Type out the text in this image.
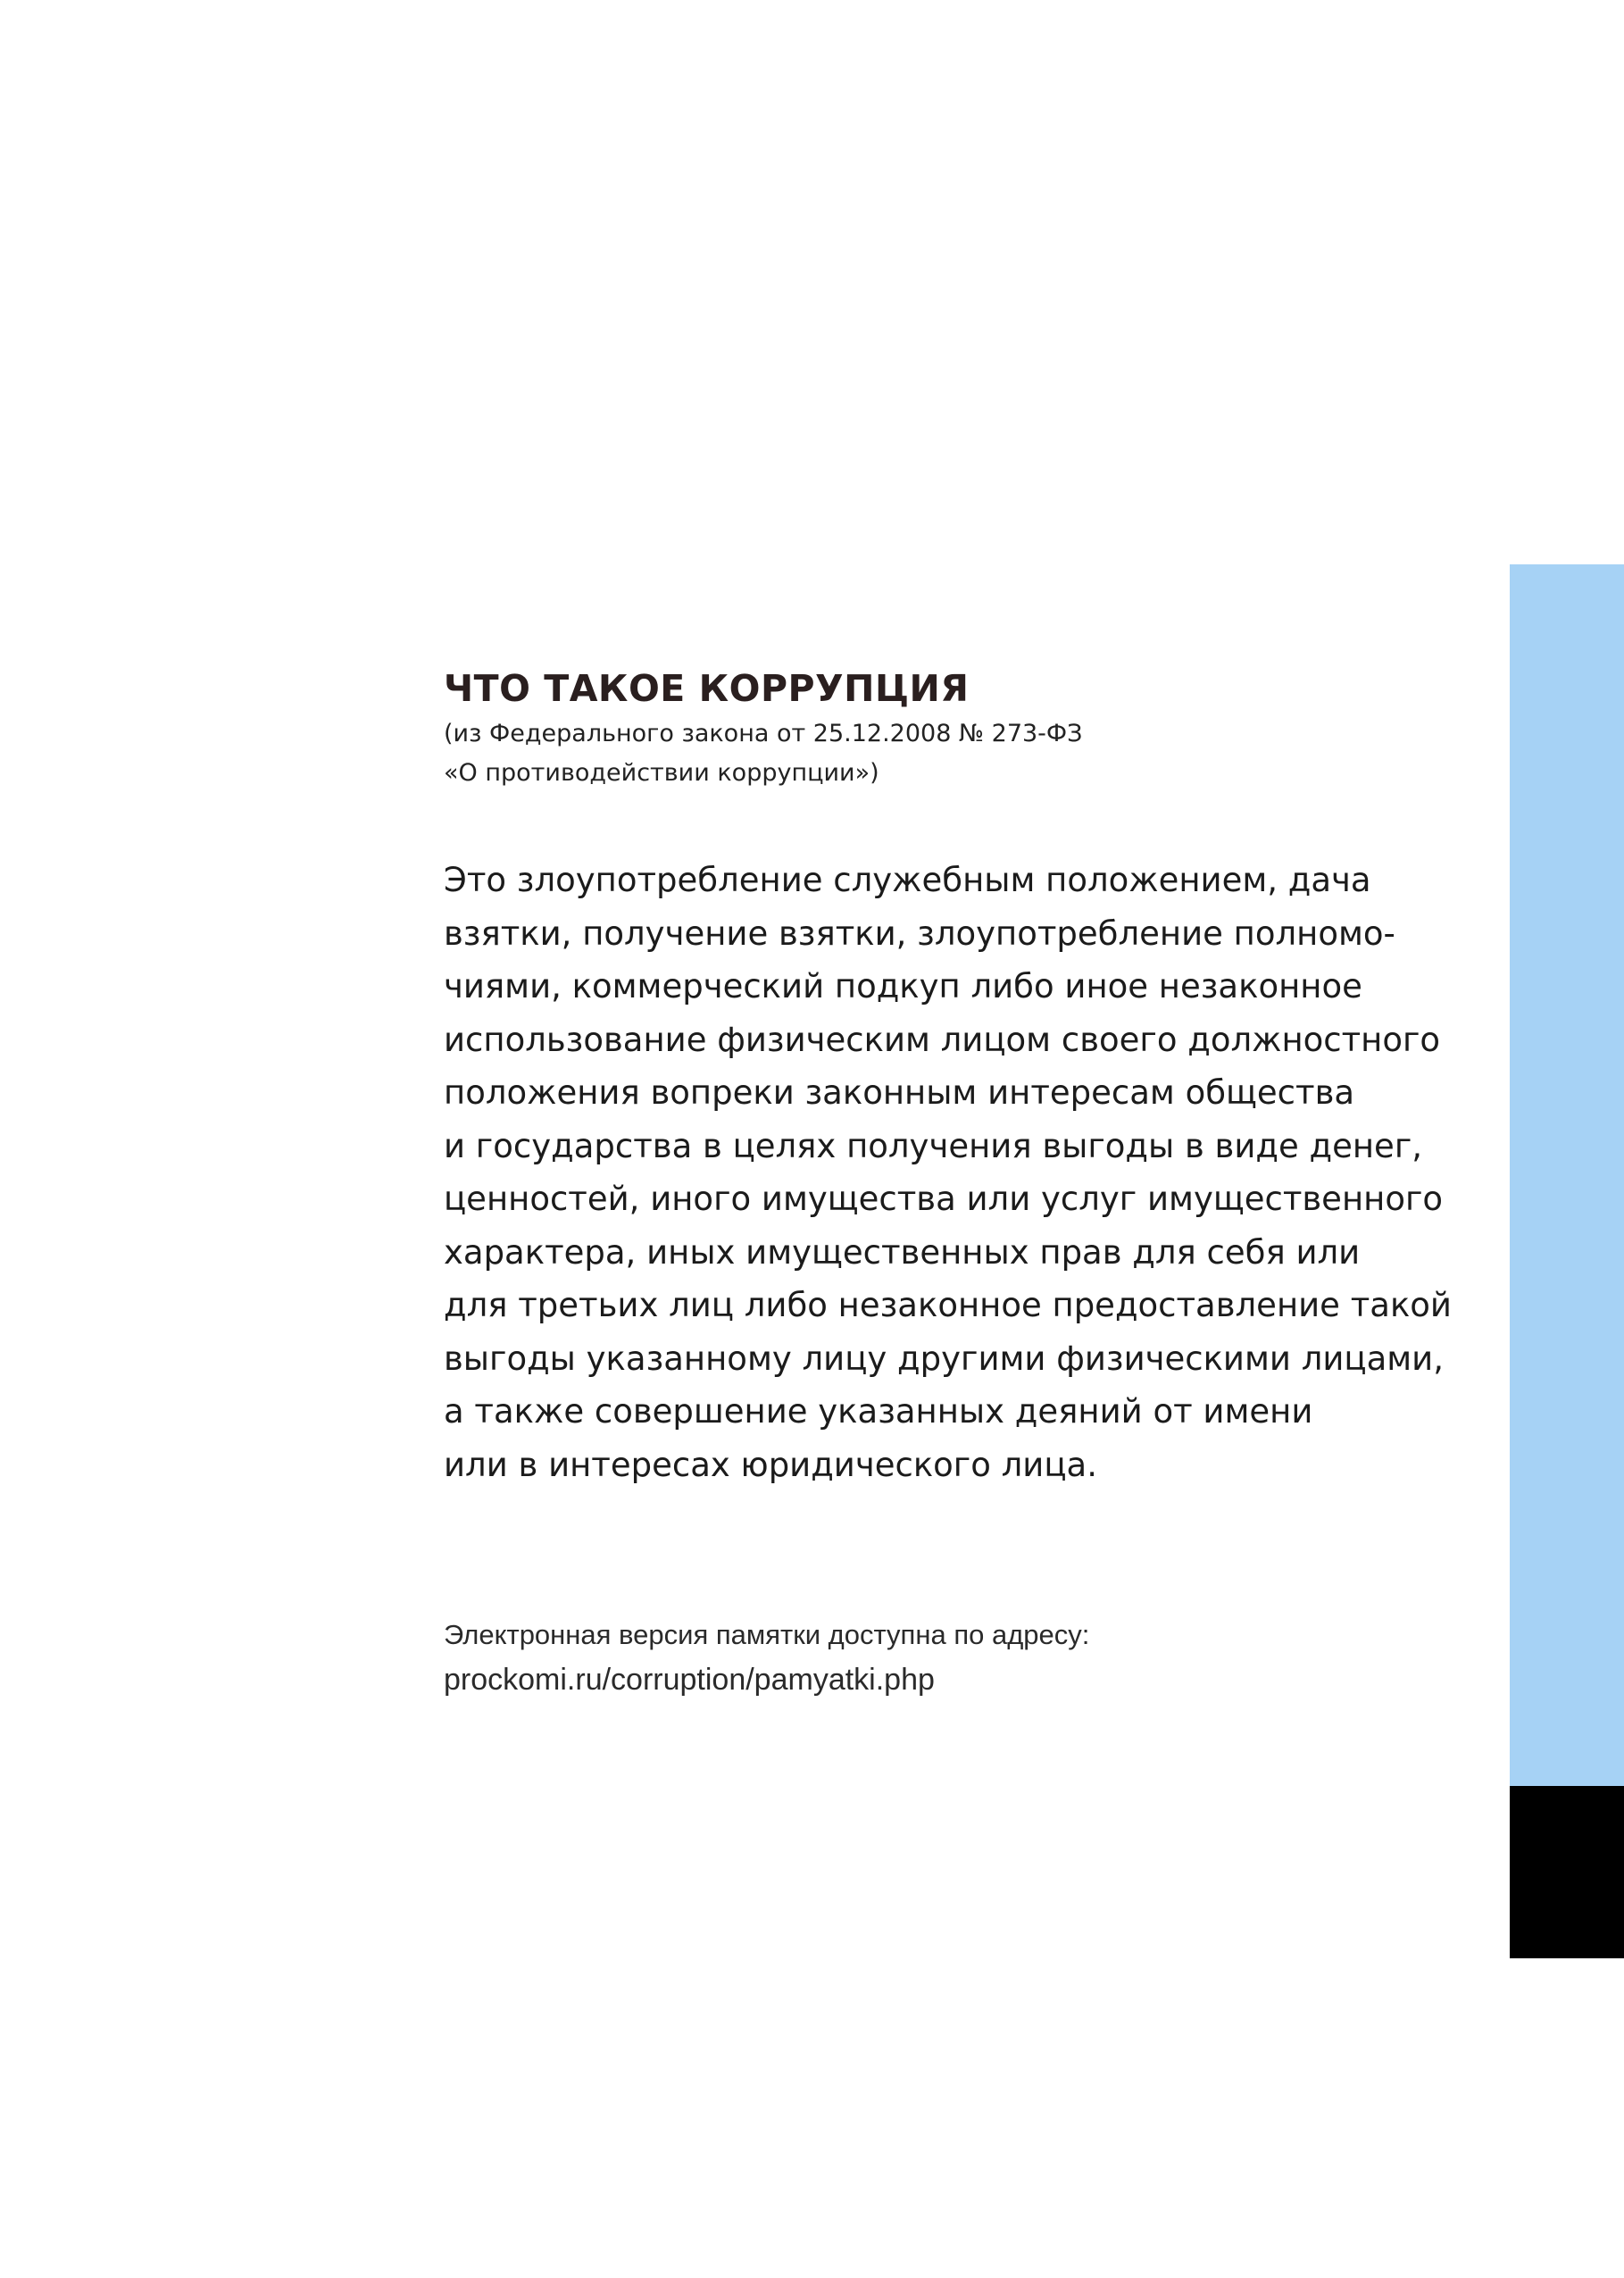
ЧТО ТАКОЕ КОРРУПЦИЯ

(из Федерального закона от 25.12.2008 № 273-ФЗ
«О противодействии коррупции»)

Это злоупотребление служебным положением, дача
взятки, получение взятки, злоупотребление полномо-
чиями, коммерческий подкуп либо иное незаконное
использование физическим лицом своего должностного
положения вопреки законным интересам общества
и государства в целях получения выгоды в виде денег,
ценностей, иного имущества или услуг имущественного
характера, иных имущественных прав для себя или
для третьих лиц либо незаконное предоставление такой
выгоды указанному лицу другими физическими лицами,
а также совершение указанных деяний от имени
или в интересах юридического лица.

Электронная версия памятки доступна по адресу:
prockomi.ru/corruption/pamyatki.php
